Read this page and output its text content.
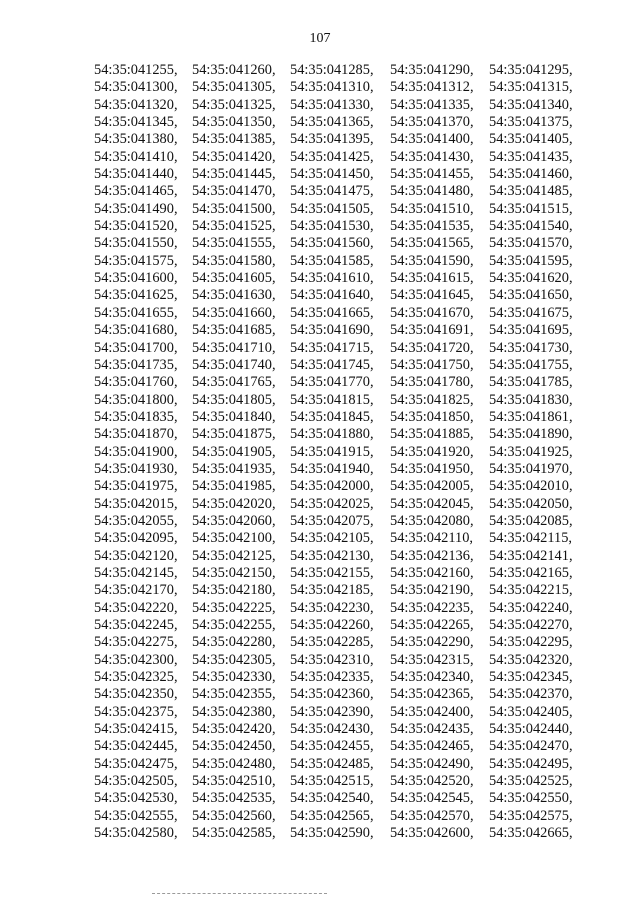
107
54:35:041255,	54:35:041260,	54:35:041285,	54:35:041290,	54:35:041295,
54:35:041300,	54:35:041305,	54:35:041310,	54:35:041312,	54:35:041315,
54:35:041320,	54:35:041325,	54:35:041330,	54:35:041335,	54:35:041340,
54:35:041345,	54:35:041350,	54:35:041365,	54:35:041370,	54:35:041375,
54:35:041380,	54:35:041385,	54:35:041395,	54:35:041400,	54:35:041405,
54:35:041410,	54:35:041420,	54:35:041425,	54:35:041430,	54:35:041435,
54:35:041440,	54:35:041445,	54:35:041450,	54:35:041455,	54:35:041460,
54:35:041465,	54:35:041470,	54:35:041475,	54:35:041480,	54:35:041485,
54:35:041490,	54:35:041500,	54:35:041505,	54:35:041510,	54:35:041515,
54:35:041520,	54:35:041525,	54:35:041530,	54:35:041535,	54:35:041540,
54:35:041550,	54:35:041555,	54:35:041560,	54:35:041565,	54:35:041570,
54:35:041575,	54:35:041580,	54:35:041585,	54:35:041590,	54:35:041595,
54:35:041600,	54:35:041605,	54:35:041610,	54:35:041615,	54:35:041620,
54:35:041625,	54:35:041630,	54:35:041640,	54:35:041645,	54:35:041650,
54:35:041655,	54:35:041660,	54:35:041665,	54:35:041670,	54:35:041675,
54:35:041680,	54:35:041685,	54:35:041690,	54:35:041691,	54:35:041695,
54:35:041700,	54:35:041710,	54:35:041715,	54:35:041720,	54:35:041730,
54:35:041735,	54:35:041740,	54:35:041745,	54:35:041750,	54:35:041755,
54:35:041760,	54:35:041765,	54:35:041770,	54:35:041780,	54:35:041785,
54:35:041800,	54:35:041805,	54:35:041815,	54:35:041825,	54:35:041830,
54:35:041835,	54:35:041840,	54:35:041845,	54:35:041850,	54:35:041861,
54:35:041870,	54:35:041875,	54:35:041880,	54:35:041885,	54:35:041890,
54:35:041900,	54:35:041905,	54:35:041915,	54:35:041920,	54:35:041925,
54:35:041930,	54:35:041935,	54:35:041940,	54:35:041950,	54:35:041970,
54:35:041975,	54:35:041985,	54:35:042000,	54:35:042005,	54:35:042010,
54:35:042015,	54:35:042020,	54:35:042025,	54:35:042045,	54:35:042050,
54:35:042055,	54:35:042060,	54:35:042075,	54:35:042080,	54:35:042085,
54:35:042095,	54:35:042100,	54:35:042105,	54:35:042110,	54:35:042115,
54:35:042120,	54:35:042125,	54:35:042130,	54:35:042136,	54:35:042141,
54:35:042145,	54:35:042150,	54:35:042155,	54:35:042160,	54:35:042165,
54:35:042170,	54:35:042180,	54:35:042185,	54:35:042190,	54:35:042215,
54:35:042220,	54:35:042225,	54:35:042230,	54:35:042235,	54:35:042240,
54:35:042245,	54:35:042255,	54:35:042260,	54:35:042265,	54:35:042270,
54:35:042275,	54:35:042280,	54:35:042285,	54:35:042290,	54:35:042295,
54:35:042300,	54:35:042305,	54:35:042310,	54:35:042315,	54:35:042320,
54:35:042325,	54:35:042330,	54:35:042335,	54:35:042340,	54:35:042345,
54:35:042350,	54:35:042355,	54:35:042360,	54:35:042365,	54:35:042370,
54:35:042375,	54:35:042380,	54:35:042390,	54:35:042400,	54:35:042405,
54:35:042415,	54:35:042420,	54:35:042430,	54:35:042435,	54:35:042440,
54:35:042445,	54:35:042450,	54:35:042455,	54:35:042465,	54:35:042470,
54:35:042475,	54:35:042480,	54:35:042485,	54:35:042490,	54:35:042495,
54:35:042505,	54:35:042510,	54:35:042515,	54:35:042520,	54:35:042525,
54:35:042530,	54:35:042535,	54:35:042540,	54:35:042545,	54:35:042550,
54:35:042555,	54:35:042560,	54:35:042565,	54:35:042570,	54:35:042575,
54:35:042580,	54:35:042585,	54:35:042590,	54:35:042600,	54:35:042665,
